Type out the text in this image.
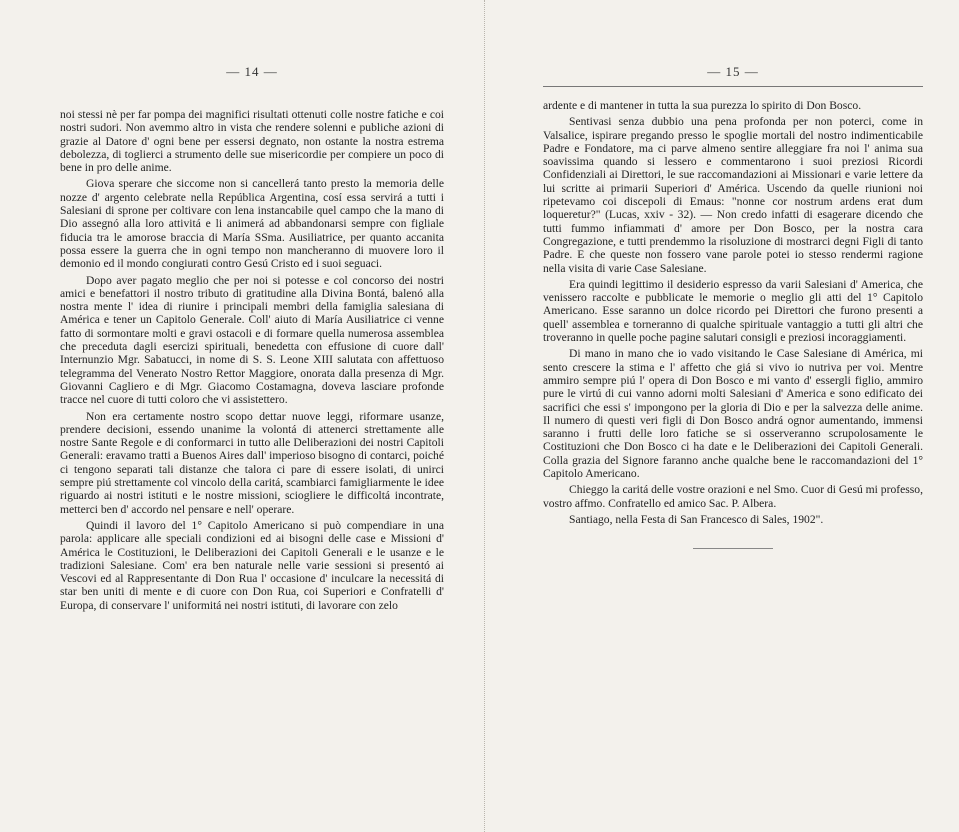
— 14 —

noi stessi nè per far pompa dei magnifici risultati ottenuti colle nostre fatiche e coi nostri sudori. Non avemmo altro in vista che rendere solenni e publiche azioni di grazie al Datore d' ogni bene per essersi degnato, non ostante la nostra estrema debolezza, di toglierci a strumento delle sue misericordie per compiere un poco di bene in pro delle anime.

Giova sperare che siccome non si cancellerá tanto presto la memoria delle nozze d' argento celebrate nella República Argentina, cosí essa servirá a tutti i Salesiani di sprone per coltivare con lena instancabile quel campo che la mano di Dio assegnó alla loro attivitá e li animerá ad abbandonarsi sempre con figliale fiducia tra le amorose braccia di María SSma. Ausiliatrice, per quanto accanita possa essere la guerra che in ogni tempo non mancheranno di muovere loro il demonio ed il mondo congiurati contro Gesú Cristo ed i suoi seguaci.

Dopo aver pagato meglio che per noi si potesse e col concorso dei nostri amici e benefattori il nostro tributo di gratitudine alla Divina Bontá, balenó alla nostra mente l' idea di riunire i principali membri della famiglia salesiana di América e tener un Capitolo Generale. Coll' aiuto di María Ausiliatrice ci venne fatto di sormontare molti e gravi ostacoli e di formare quella numerosa assemblea che preceduta dagli esercizi spirituali, benedetta con effusione di cuore dall' Internunzio Mgr. Sabatucci, in nome di S. S. Leone XIII salutata con affettuoso telegramma del Venerato Nostro Rettor Maggiore, onorata dalla presenza di Mgr. Giovanni Cagliero e di Mgr. Giacomo Costamagna, doveva lasciare profonde tracce nel cuore di tutti coloro che vi assistettero.

Non era certamente nostro scopo dettar nuove leggi, riformare usanze, prendere decisioni, essendo unanime la volontá di attenerci strettamente alle nostre Sante Regole e di conformarci in tutto alle Deliberazioni dei nostri Capitoli Generali: eravamo tratti a Buenos Aires dall' imperioso bisogno di contarci, poiché ci tengono separati tali distanze che talora ci pare di essere isolati, di unirci sempre piú strettamente col vincolo della caritá, scambiarci famigliarmente le idee riguardo ai nostri istituti e le nostre missioni, sciogliere le difficoltá incontrate, metterci ben d' accordo nel pensare e nell' operare.

Quindi il lavoro del 1° Capitolo Americano si può compendiare in una parola: applicare alle speciali condizioni ed ai bisogni delle case e Missioni d' América le Costituzioni, le Deliberazioni dei Capitoli Generali e le usanze e le tradizioni Salesiane. Com' era ben naturale nelle varie sessioni si presentó ai Vescovi ed al Rappresentante di Don Rua l' occasione d' inculcare la necessitá di star ben uniti di mente e di cuore con Don Rua, coi Superiori e Confratelli d' Europa, di conservare l' uniformitá nei nostri istituti, di lavorare con zelo

— 15 —

ardente e di mantener in tutta la sua purezza lo spirito di Don Bosco.

Sentivasi senza dubbio una pena profonda per non poterci, come in Valsalice, ispirare pregando presso le spoglie mortali del nostro indimenticabile Padre e Fondatore, ma ci parve almeno sentire alleggiare fra noi l' anima sua soavissima quando si lessero e commentarono i suoi preziosi Ricordi Confidenziali ai Direttori, le sue raccomandazioni ai Missionari e varie lettere da lui scritte ai primarii Superiori d' América. Uscendo da quelle riunioni noi ripetevamo coi discepoli di Emaus: "nonne cor nostrum ardens erat dum loqueretur?" (Lucas, xxiv - 32). — Non credo infatti di esagerare dicendo che tutti fummo infiammati d' amore per Don Bosco, per la nostra cara Congregazione, e tutti prendemmo la risoluzione di mostrarci degni Figli di tanto Padre. E che queste non fossero vane parole potei io stesso rendermi ragione nella visita di varie Case Salesiane.

Era quindi legittimo il desiderio espresso da varii Salesiani d' America, che venissero raccolte e pubblicate le memorie o meglio gli atti del 1° Capitolo Americano. Esse saranno un dolce ricordo pei Direttori che furono presenti a quell' assemblea e torneranno di qualche spirituale vantaggio a tutti gli altri che troveranno in quelle poche pagine salutari consigli e preziosi incoraggiamenti.

Di mano in mano che io vado visitando le Case Salesiane di América, mi sento crescere la stima e l' affetto che giá si vivo io nutriva per voi. Mentre ammiro sempre piú l' opera di Don Bosco e mi vanto d' essergli figlio, ammiro pure le virtú di cui vanno adorni molti Salesiani d' America e sono edificato dei sacrifici che essi s' impongono per la gloria di Dio e per la salvezza delle anime. Il numero di questi veri figli di Don Bosco andrá ognor aumentando, immensi saranno i frutti delle loro fatiche se si osserveranno scrupolosamente le Costituzioni che Don Bosco ci ha date e le Deliberazioni dei Capitoli Generali. Colla grazia del Signore faranno anche qualche bene le raccomandazioni del 1° Capitolo Americano.

Chieggo la caritá delle vostre orazioni e nel Smo. Cuor di Gesú mi professo, vostro affmo. Confratello ed amico Sac. P. Albera.

Santiago, nella Festa di San Francesco di Sales, 1902".
